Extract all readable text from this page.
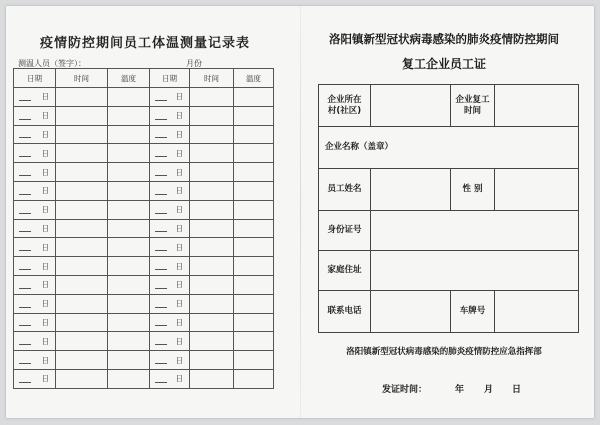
疫情防控期间员工体温测量记录表
测温人员（签字）：	月份
日期	时间	温度	日期	时间	温度

日			日		

日			日		

日			日		

日			日		

日			日		

日			日		

日			日		

日			日		

日			日		

日			日		

日			日		

日			日		

日			日		

日			日		

日			日		

日			日		
洛阳镇新型冠状病毒感染的肺炎疫情防控期间
复工企业员工证
企业所在村(社区)		企业复工时间	
企业名称（盖章）			
员工姓名		性 别	
身份证号			
家庭住址			
联系电话		车牌号	
洛阳镇新型冠状病毒感染的肺炎疫情防控应急指挥部
发证时间：	年 月 日
